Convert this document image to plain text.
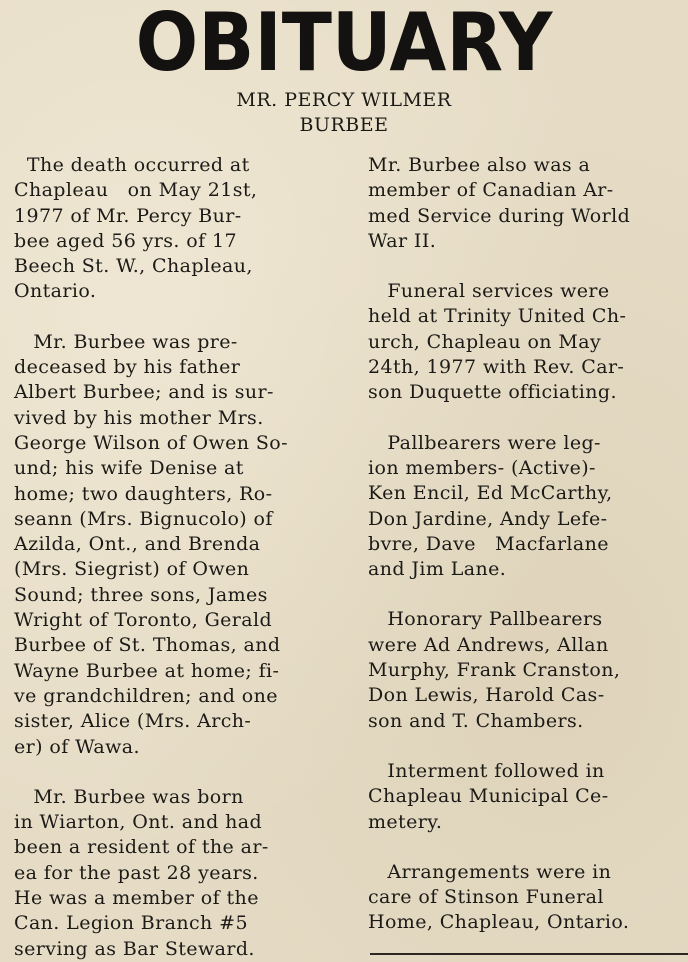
OBITUARY
MR. PERCY WILMER
BURBEE
The death occurred at
Chapleau   on May 21st,
1977 of Mr. Percy Bur-
bee aged 56 yrs. of 17
Beech St. W., Chapleau,
Ontario.
Mr. Burbee was pre-
deceased by his father
Albert Burbee; and is sur-
vived by his mother Mrs.
George Wilson of Owen So-
und; his wife Denise at
home; two daughters, Ro-
seann (Mrs. Bignucolo) of
Azilda, Ont., and Brenda
(Mrs. Siegrist) of Owen
Sound; three sons, James
Wright of Toronto, Gerald
Burbee of St. Thomas, and
Wayne Burbee at home; fi-
ve grandchildren; and one
sister, Alice (Mrs. Arch-
er) of Wawa.
Mr. Burbee was born
in Wiarton, Ont. and had
been a resident of the ar-
ea for the past 28 years.
He was a member of the
Can. Legion Branch #5
serving as Bar Steward.
Mr. Burbee also was a
member of Canadian Ar-
med Service during World
War II.
Funeral services were
held at Trinity United Ch-
urch, Chapleau on May
24th, 1977 with Rev. Car-
son Duquette officiating.
Pallbearers were leg-
ion members- (Active)-
Ken Encil, Ed McCarthy,
Don Jardine, Andy Lefe-
bvre, Dave   Macfarlane
and Jim Lane.
Honorary Pallbearers
were Ad Andrews, Allan
Murphy, Frank Cranston,
Don Lewis, Harold Cas-
son and T. Chambers.
Interment followed in
Chapleau Municipal Ce-
metery.
Arrangements were in
care of Stinson Funeral
Home, Chapleau, Ontario.
